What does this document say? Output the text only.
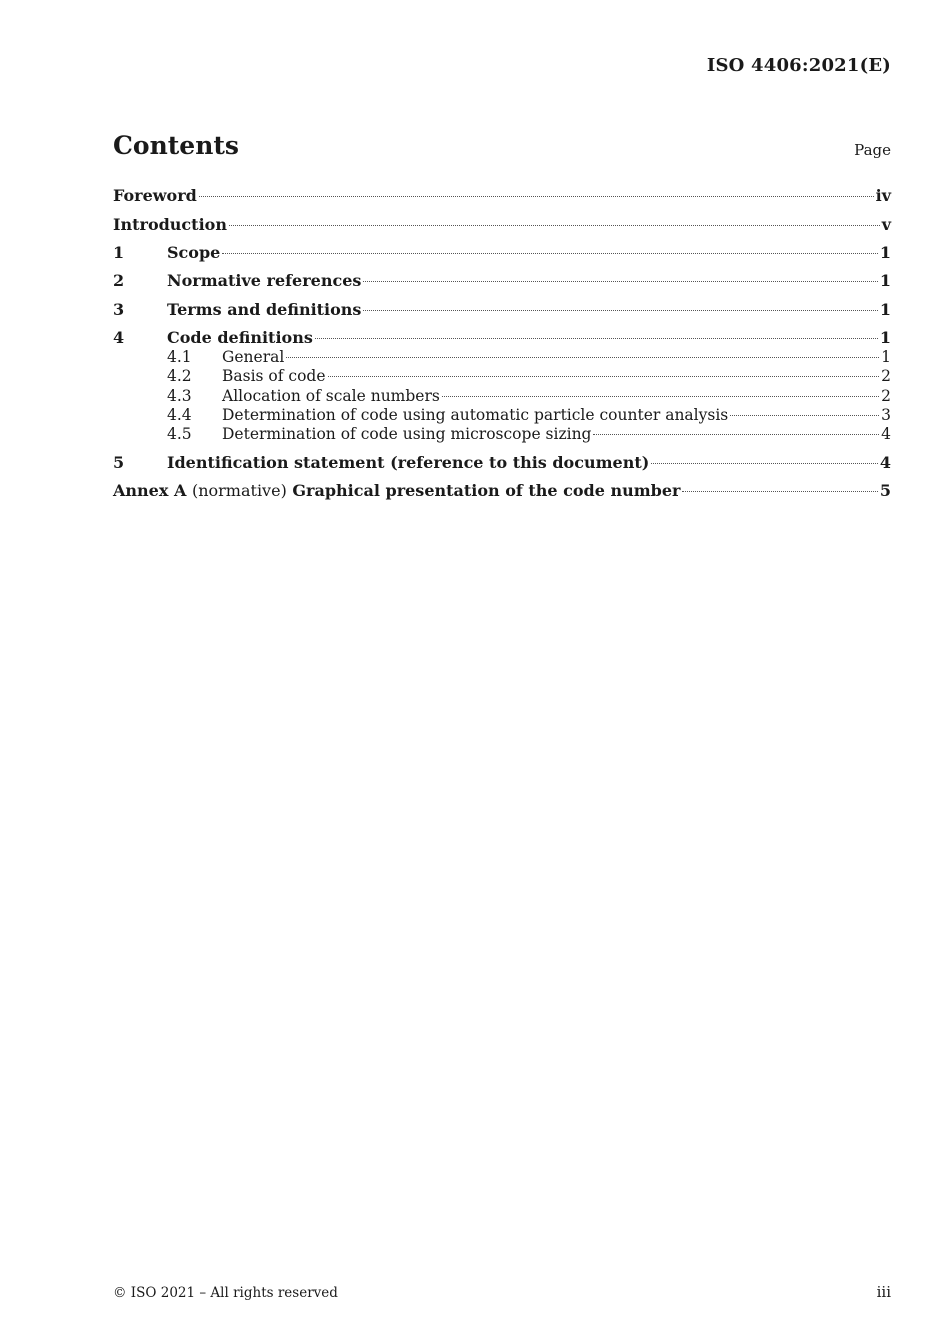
ISO 4406:2021(E)
Contents	Page
Foreword	iv
Introduction	v
1	Scope	1
2	Normative references	1
3	Terms and definitions	1
4	Code definitions	1
4.1	General	1
4.2	Basis of code	2
4.3	Allocation of scale numbers	2
4.4	Determination of code using automatic particle counter analysis	3
4.5	Determination of code using microscope sizing	4
5	Identification statement (reference to this document)	4
Annex A (normative) Graphical presentation of the code number	5
© ISO 2021 – All rights reserved	iii
